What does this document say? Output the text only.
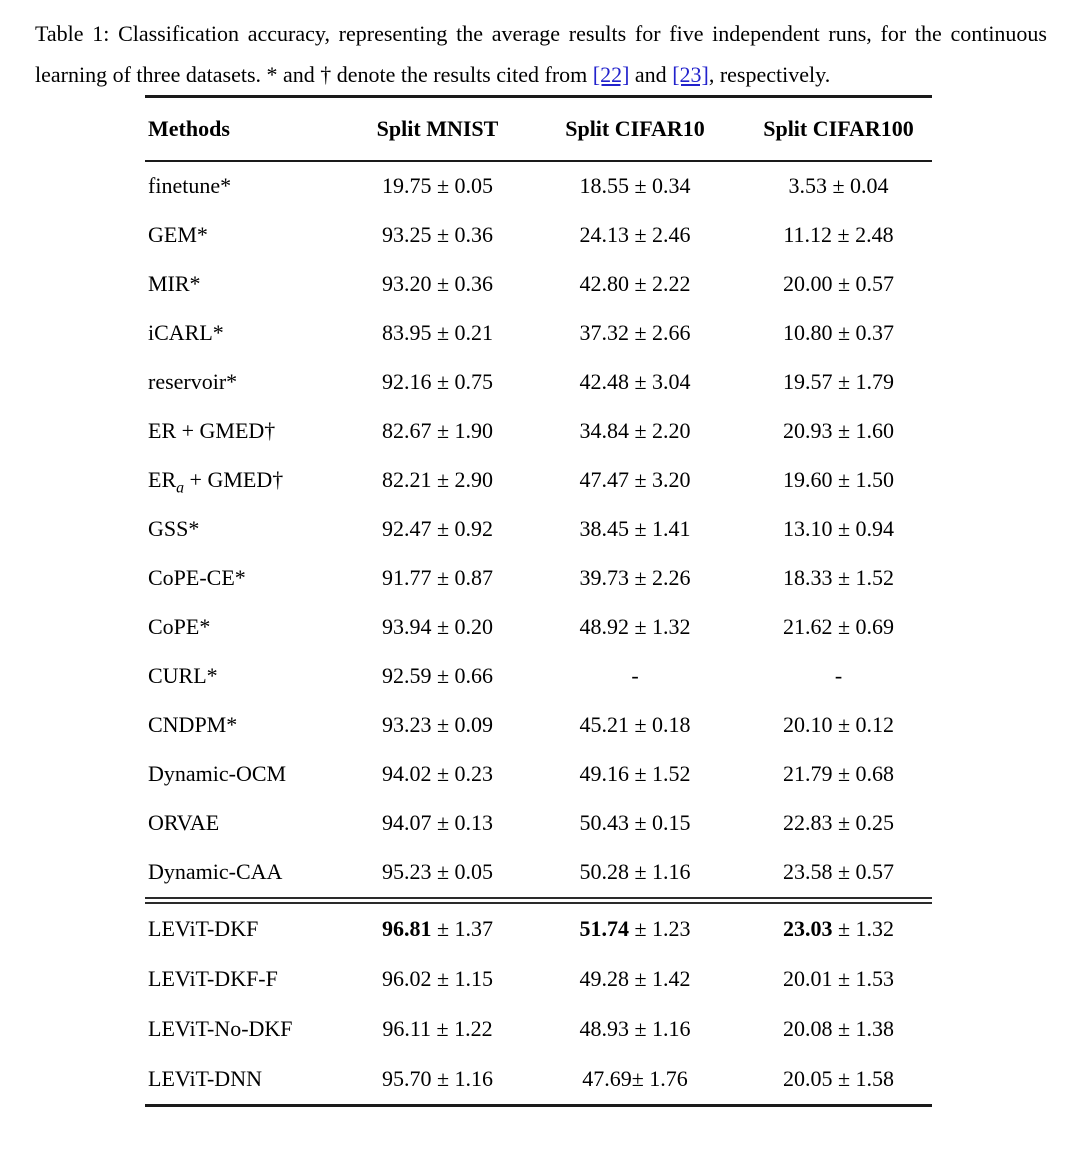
Table 1: Classification accuracy, representing the average results for five independent runs, for the continuous
learning of three datasets. * and † denote the results cited from [22] and [23], respectively.
Methods	Split MNIST	Split CIFAR10	Split CIFAR100
finetune*	19.75 ± 0.05	18.55 ± 0.34	3.53 ± 0.04
GEM*	93.25 ± 0.36	24.13 ± 2.46	11.12 ± 2.48
MIR*	93.20 ± 0.36	42.80 ± 2.22	20.00 ± 0.57
iCARL*	83.95 ± 0.21	37.32 ± 2.66	10.80 ± 0.37
reservoir*	92.16 ± 0.75	42.48 ± 3.04	19.57 ± 1.79
ER + GMED†	82.67 ± 1.90	34.84 ± 2.20	20.93 ± 1.60
$ER_a$ + GMED†	82.21 ± 2.90	47.47 ± 3.20	19.60 ± 1.50
GSS*	92.47 ± 0.92	38.45 ± 1.41	13.10 ± 0.94
CoPE-CE*	91.77 ± 0.87	39.73 ± 2.26	18.33 ± 1.52
CoPE*	93.94 ± 0.20	48.92 ± 1.32	21.62 ± 0.69
CURL*	92.59 ± 0.66	-	-
CNDPM*	93.23 ± 0.09	45.21 ± 0.18	20.10 ± 0.12
Dynamic-OCM	94.02 ± 0.23	49.16 ± 1.52	21.79 ± 0.68
ORVAE	94.07 ± 0.13	50.43 ± 0.15	22.83 ± 0.25
Dynamic-CAA	95.23 ± 0.05	50.28 ± 1.16	23.58 ± 0.57
LEViT-DKF	96.81 ± 1.37	51.74 ± 1.23	23.03 ± 1.32
LEViT-DKF-F	96.02 ± 1.15	49.28 ± 1.42	20.01 ± 1.53
LEViT-No-DKF	96.11 ± 1.22	48.93 ± 1.16	20.08 ± 1.38
LEViT-DNN	95.70 ± 1.16	47.69± 1.76	20.05 ± 1.58
